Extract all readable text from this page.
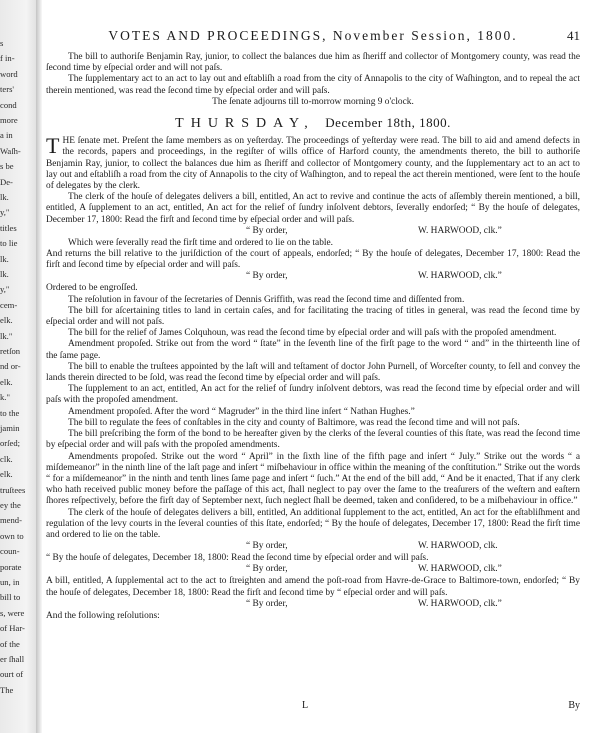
s
f in-
word
ters'
cond
more
a in
Waſh-
s be
De-
lk.
y,"
titles
to lie
lk.
lk.
y,"
cem-
elk.
lk."
retſon
nd or-
elk.
k."
to the
jamin
orſed;
clk.
elk.
truſtees
ey the
mend-
own to
coun-
porate
un, in
bill to
s, were
of Har-
of the
er ſhall
ourt of
The
VOTES AND PROCEEDINGS, November Session, 1800.	41

The bill to authoriſe Benjamin Ray, junior, to collect the balances due him as ſheriff and collector of Montgomery county, was read the ſecond time by eſpecial order and will not paſs.

The ſupplementary act to an act to lay out and eſtabliſh a road from the city of Annapolis to the city of Waſhington, and to repeal the act therein mentioned, was read the ſecond time by eſpecial order and will paſs.

The ſenate adjourns till to-morrow morning 9 o'clock.

THURSDAY, December 18th, 1800.

THE ſenate met. Preſent the ſame members as on yeſterday. The proceedings of yeſterday were read. The bill to aid and amend defects in the records, papers and proceedings, in the regiſter of wills office of Harford county, the amendments thereto, the bill to authoriſe Benjamin Ray, junior, to collect the balances due him as ſheriff and collector of Montgomery county, and the ſupplementary act to an act to lay out and eſtabliſh a road from the city of Annapolis to the city of Waſhington, and to repeal the act therein mentioned, were ſent to the houſe of delegates by the clerk.

The clerk of the houſe of delegates delivers a bill, entitled, An act to revive and continue the acts of aſſembly therein mentioned, a bill, entitled, A ſupplement to an act, entitled, An act for the relief of ſundry inſolvent debtors, ſeverally endorſed; “ By the houſe of delegates, December 17, 1800: Read the firſt and ſecond time by eſpecial order and will paſs.

“ By order,	W. HARWOOD, clk.”

Which were ſeverally read the firſt time and ordered to lie on the table.

And returns the bill relative to the juriſdiction of the court of appeals, endorſed; “ By the houſe of delegates, December 17, 1800: Read the firſt and ſecond time by eſpecial order and will paſs.

“ By order,	W. HARWOOD, clk.”

Ordered to be engroſſed.

The reſolution in favour of the ſecretaries of Dennis Griffith, was read the ſecond time and diſſented from.

The bill for aſcertaining titles to land in certain caſes, and for facilitating the tracing of titles in general, was read the ſecond time by eſpecial order and will not paſs.

The bill for the relief of James Colquhoun, was read the ſecond time by eſpecial order and will paſs with the propoſed amendment.

Amendment propoſed. Strike out from the word “ ſtate” in the ſeventh line of the firſt page to the word “ and” in the thirteenth line of the ſame page.

The bill to enable the truſtees appointed by the laſt will and teſtament of doctor John Purnell, of Worceſter county, to ſell and convey the lands therein directed to be ſold, was read the ſecond time by eſpecial order and will paſs.

The ſupplement to an act, entitled, An act for the relief of ſundry inſolvent debtors, was read the ſecond time by eſpecial order and will paſs with the propoſed amendment.

Amendment propoſed. After the word “ Magruder” in the third line inſert “ Nathan Hughes.”

The bill to regulate the fees of conſtables in the city and county of Baltimore, was read the ſecond time and will not paſs.

The bill preſcribing the form of the bond to be hereafter given by the clerks of the ſeveral counties of this ſtate, was read the ſecond time by eſpecial order and will paſs with the propoſed amendments.

Amendments propoſed. Strike out the word “ April” in the ſixth line of the fifth page and inſert “ July.” Strike out the words “ a miſdemeanor” in the ninth line of the laſt page and inſert “ miſbehaviour in office within the meaning of the conſtitution.” Strike out the words “ for a miſdemeanor” in the ninth and tenth lines ſame page and inſert “ ſuch.” At the end of the bill add, “ And be it enacted, That if any clerk who hath received public money before the paſſage of this act, ſhall neglect to pay over the ſame to the treaſurers of the weſtern and eaſtern ſhores reſpectively, before the firſt day of September next, ſuch neglect ſhall be deemed, taken and conſidered, to be a miſbehaviour in office.”

The clerk of the houſe of delegates delivers a bill, entitled, An additional ſupplement to the act, entitled, An act for the eſtabliſhment and regulation of the levy courts in the ſeveral counties of this ſtate, endorſed; “ By the houſe of delegates, December 17, 1800: Read the firſt time and ordered to lie on the table.

“ By order,	W. HARWOOD, clk.

“ By the houſe of delegates, December 18, 1800: Read the ſecond time by eſpecial order and will paſs.

“ By order,	W. HARWOOD, clk.”

A bill, entitled, A ſupplemental act to the act to ſtreighten and amend the poſt-road from Havre-de-Grace to Baltimore-town, endorſed; “ By the houſe of delegates, December 18, 1800: Read the firſt and ſecond time by “ eſpecial order and will paſs.

“ By order,	W. HARWOOD, clk.”

And the following reſolutions:

L	By
